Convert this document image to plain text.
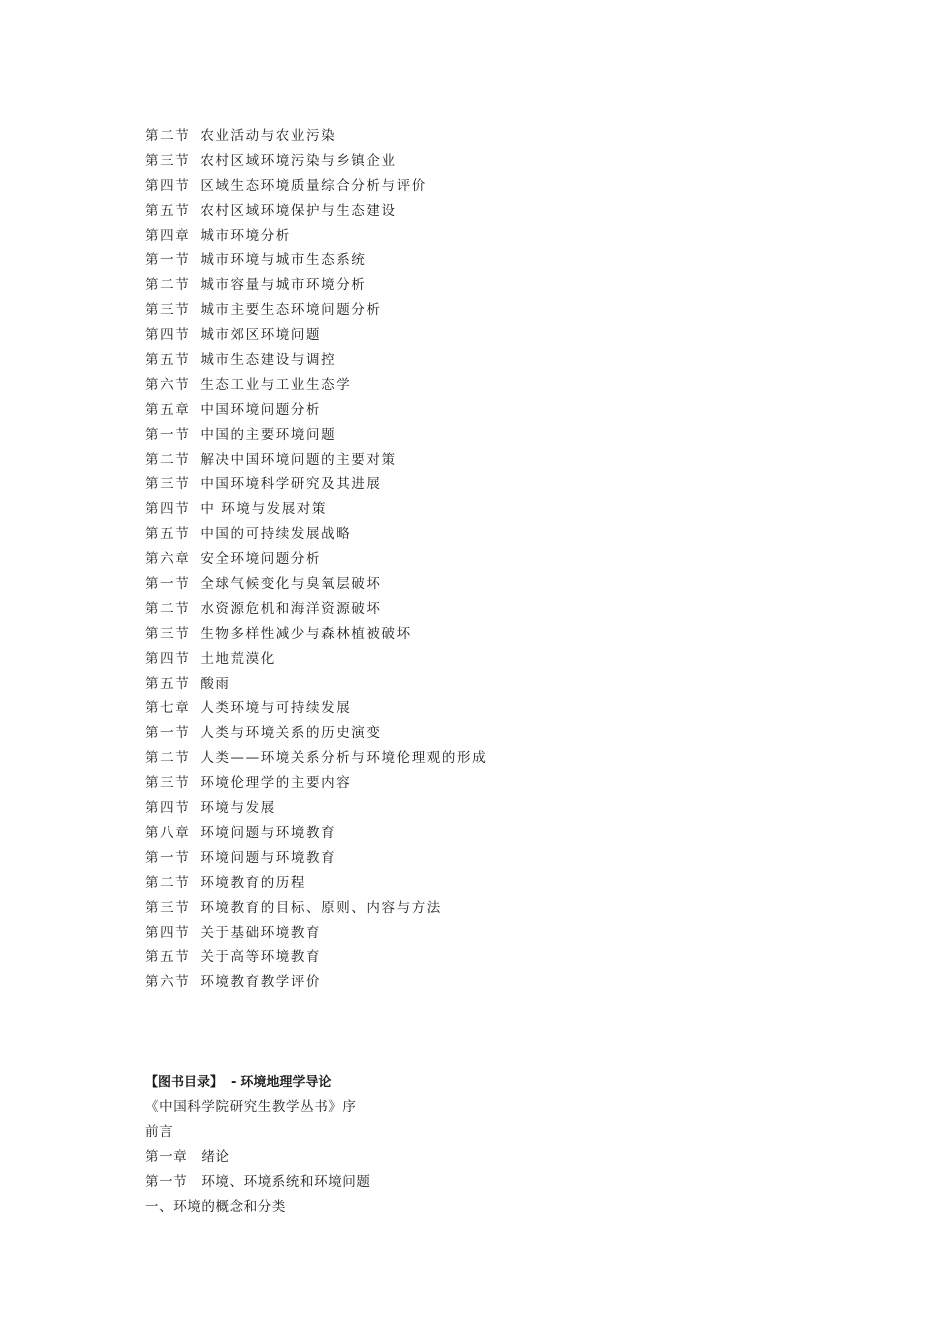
第二节 农业活动与农业污染
第三节 农村区域环境污染与乡镇企业
第四节 区域生态环境质量综合分析与评价
第五节 农村区域环境保护与生态建设
第四章 城市环境分析
第一节 城市环境与城市生态系统
第二节 城市容量与城市环境分析
第三节 城市主要生态环境问题分析
第四节 城市郊区环境问题
第五节 城市生态建设与调控
第六节 生态工业与工业生态学
第五章 中国环境问题分析
第一节 中国的主要环境问题
第二节 解决中国环境问题的主要对策
第三节 中国环境科学研究及其进展
第四节 中 环境与发展对策
第五节 中国的可持续发展战略
第六章 安全环境问题分析
第一节 全球气候变化与臭氧层破坏
第二节 水资源危机和海洋资源破坏
第三节 生物多样性减少与森林植被破坏
第四节 土地荒漠化
第五节 酸雨
第七章 人类环境与可持续发展
第一节 人类与环境关系的历史演变
第二节 人类——环境关系分析与环境伦理观的形成
第三节 环境伦理学的主要内容
第四节 环境与发展
第八章 环境问题与环境教育
第一节 环境问题与环境教育
第二节 环境教育的历程
第三节 环境教育的目标、原则、内容与方法
第四节 关于基础环境教育
第五节 关于高等环境教育
第六节 环境教育教学评价
【图书目录】 - 环境地理学导论
《中国科学院研究生教学丛书》序
前言
第一章 绪论
第一节 环境、环境系统和环境问题
一、环境的概念和分类
